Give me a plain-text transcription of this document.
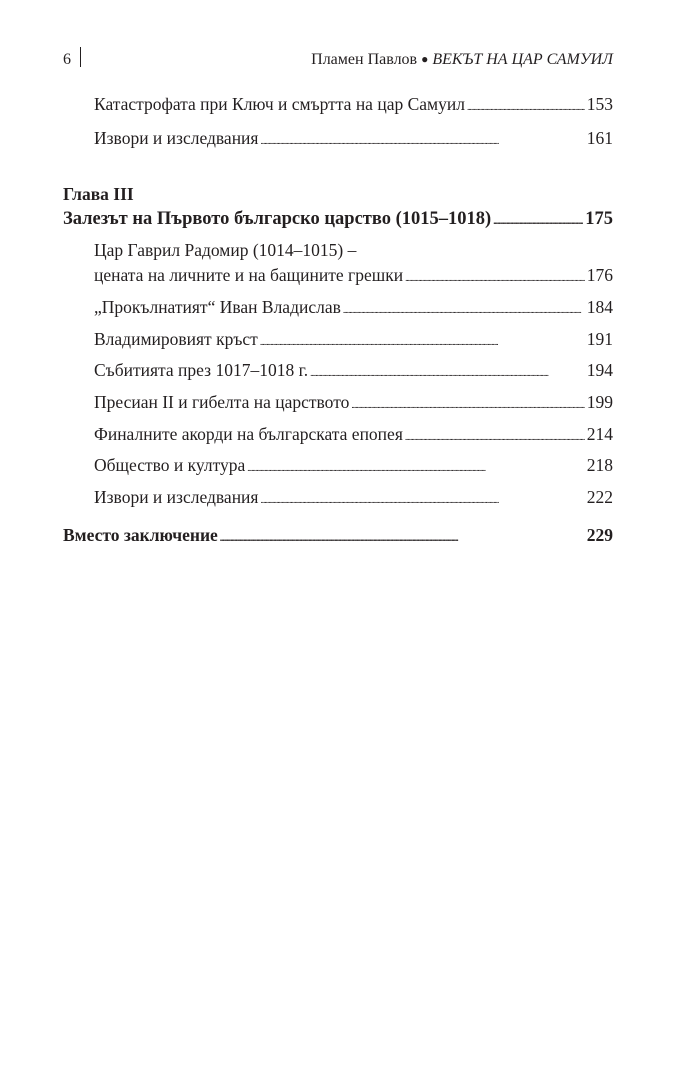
6	Пламен Павлов ● ВЕКЪТ НА ЦАР САМУИЛ
Катастрофата при Ключ и смъртта на цар Самуил . . .	153
Извори и изследвания . . .	161
Глава III
Залезът на Първото българско царство (1015–1018) . . .	175
Цар Гаврил Радомир (1014–1015) –
цената на личните и на бащините грешки . . .	176
„Прокълнатият“ Иван Владислав . . .	184
Владимировият кръст . . .	191
Събитията през 1017–1018 г. . . .	194
Пресиан II и гибелта на царството . . .	199
Финалните акорди на българската епопея . . .	214
Общество и култура . . .	218
Извори и изследвания . . .	222
Вместо заключение . . .	229
